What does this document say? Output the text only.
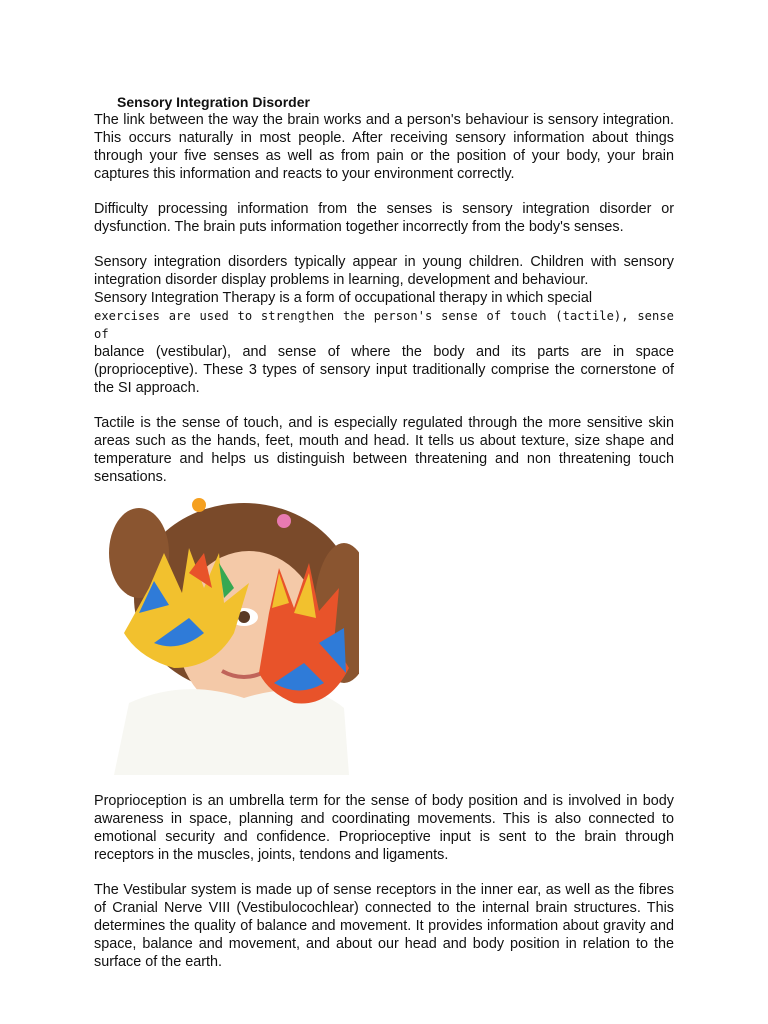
Sensory Integration Disorder

The link between the way the brain works and a person's behaviour is sensory integration. This occurs naturally in most people. After receiving sensory information about things through your five senses as well as from pain or the position of your body, your brain captures this information and reacts to your environment correctly.

Difficulty processing information from the senses is sensory integration disorder or dysfunction. The brain puts information together incorrectly from the body's senses.

Sensory integration disorders typically appear in young children. Children with sensory integration disorder display problems in learning, development and behaviour.

Sensory Integration Therapy is a form of occupational therapy in which special

exercises are used to strengthen the person's sense of touch (tactile), sense of

balance (vestibular), and sense of where the body and its parts are in space (proprioceptive). These 3 types of sensory input traditionally comprise the cornerstone of the SI approach.

Tactile is the sense of touch, and is especially regulated through the more sensitive skin areas such as the hands, feet, mouth and head. It tells us about texture, size shape and temperature and helps us distinguish between threatening and non threatening touch sensations.

Proprioception is an umbrella term for the sense of body position and is involved in body awareness in space, planning and coordinating movements. This is also connected to emotional security and confidence. Proprioceptive input is sent to the brain through receptors in the muscles, joints, tendons and ligaments.

The Vestibular system is made up of sense receptors in the inner ear, as well as the fibres of Cranial Nerve VIII (Vestibulocochlear) connected to the internal brain structures. This determines the quality of balance and movement. It provides information about gravity and space, balance and movement, and about our head and body position in relation to the surface of the earth.
